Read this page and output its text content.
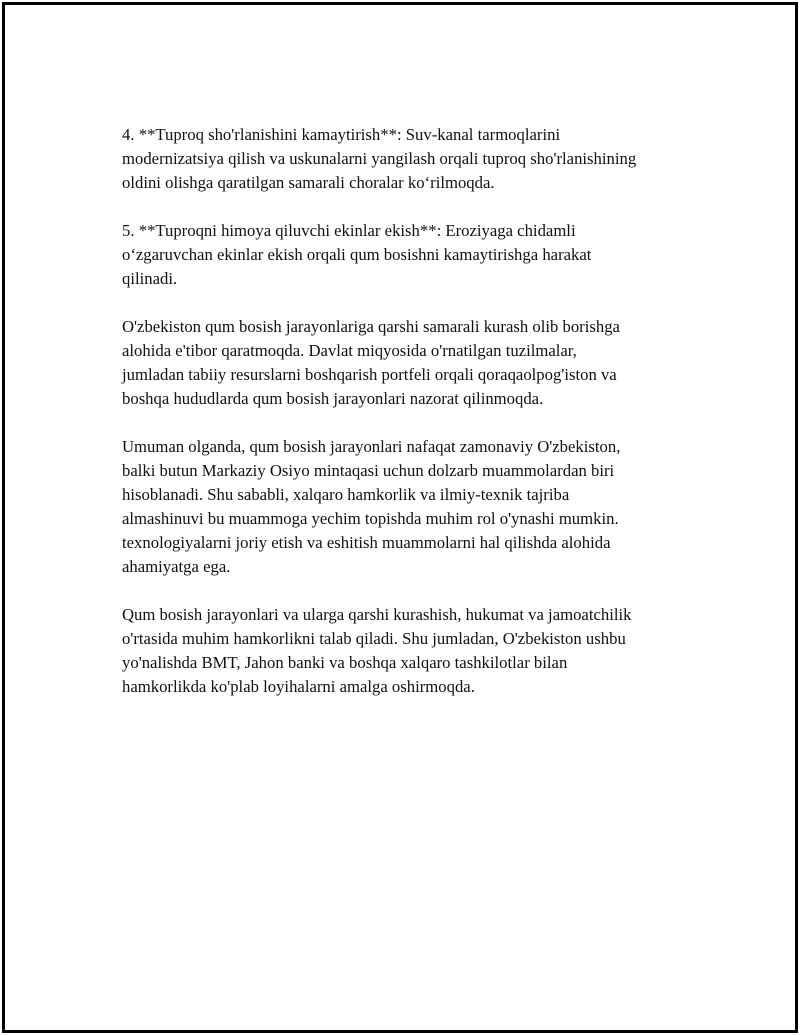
4. **Tuproq sho'rlanishini kamaytirish**: Suv-kanal tarmoqlarini
modernizatsiya qilish va uskunalarni yangilash orqali tuproq sho'rlanishining
oldini olishga qaratilgan samarali choralar ko‘rilmoqda.

5. **Tuproqni himoya qiluvchi ekinlar ekish**: Eroziyaga chidamli
o‘zgaruvchan ekinlar ekish orqali qum bosishni kamaytirishga harakat
qilinadi.

O'zbekiston qum bosish jarayonlariga qarshi samarali kurash olib borishga
alohida e'tibor qaratmoqda. Davlat miqyosida o'rnatilgan tuzilmalar,
jumladan tabiiy resurslarni boshqarish portfeli orqali qoraqaolpog'iston va
boshqa hududlarda qum bosish jarayonlari nazorat qilinmoqda.

Umuman olganda, qum bosish jarayonlari nafaqat zamonaviy O'zbekiston,
balki butun Markaziy Osiyo mintaqasi uchun dolzarb muammolardan biri
hisoblanadi. Shu sababli, xalqaro hamkorlik va ilmiy-texnik tajriba
almashinuvi bu muammoga yechim topishda muhim rol o'ynashi mumkin.
texnologiyalarni joriy etish va eshitish muammolarni hal qilishda alohida
ahamiyatga ega.

Qum bosish jarayonlari va ularga qarshi kurashish, hukumat va jamoatchilik
o'rtasida muhim hamkorlikni talab qiladi. Shu jumladan, O'zbekiston ushbu
yo'nalishda BMT, Jahon banki va boshqa xalqaro tashkilotlar bilan
hamkorlikda ko'plab loyihalarni amalga oshirmoqda.
